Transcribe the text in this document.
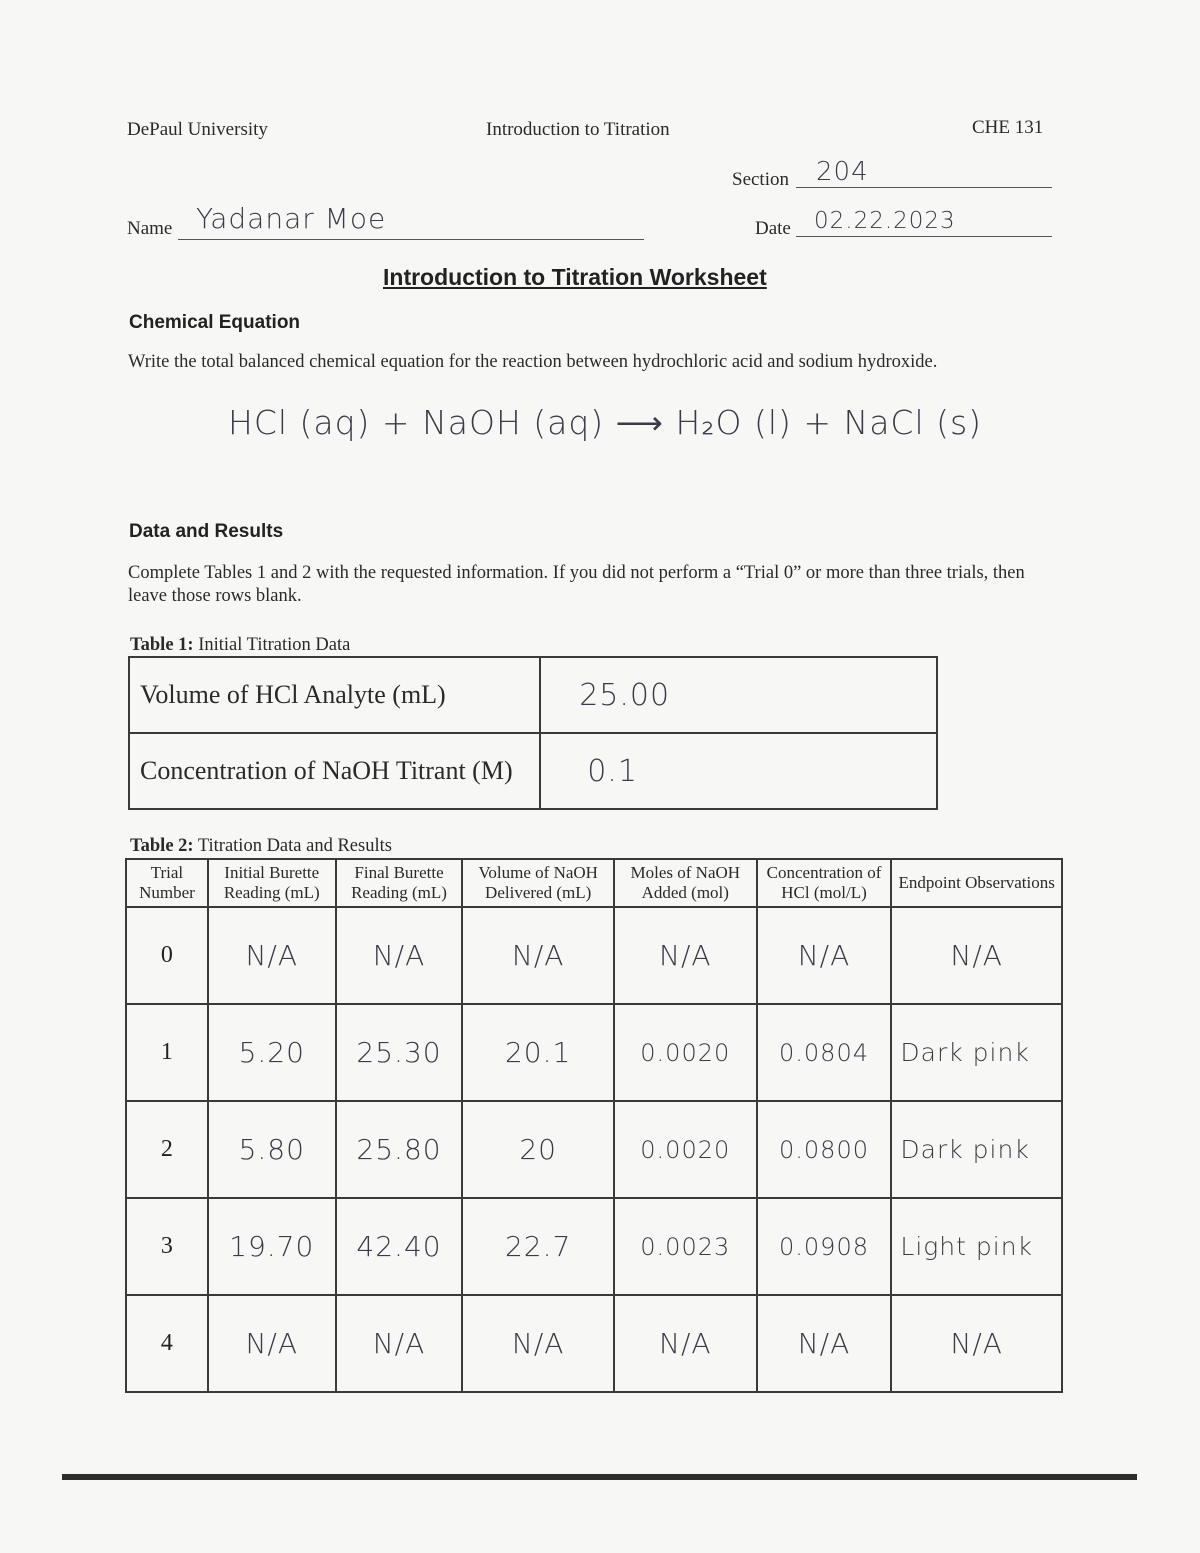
DePaul University	Introduction to Titration	CHE 131
Section 204
Name Yadanar Moe	Date 02.22.2023
Introduction to Titration Worksheet
Chemical Equation
Write the total balanced chemical equation for the reaction between hydrochloric acid and sodium hydroxide.
HCl (aq) + NaOH (aq) ⟶ H₂O (l) + NaCl (s)
Data and Results
Complete Tables 1 and 2 with the requested information. If you did not perform a “Trial 0” or more than three trials, then leave those rows blank.
Table 1: Initial Titration Data
Volume of HCl Analyte (mL)	25.00
Concentration of NaOH Titrant (M)	0.1
Table 2: Titration Data and Results
Trial Number	Initial Burette Reading (mL)	Final Burette Reading (mL)	Volume of NaOH Delivered (mL)	Moles of NaOH Added (mol)	Concentration of HCl (mol/L)	Endpoint Observations
0	N/A	N/A	N/A	N/A	N/A	N/A
1	5.20	25.30	20.1	0.0020	0.0804	Dark pink
2	5.80	25.80	20	0.0020	0.0800	Dark pink
3	19.70	42.40	22.7	0.0023	0.0908	Light pink
4	N/A	N/A	N/A	N/A	N/A	N/A
